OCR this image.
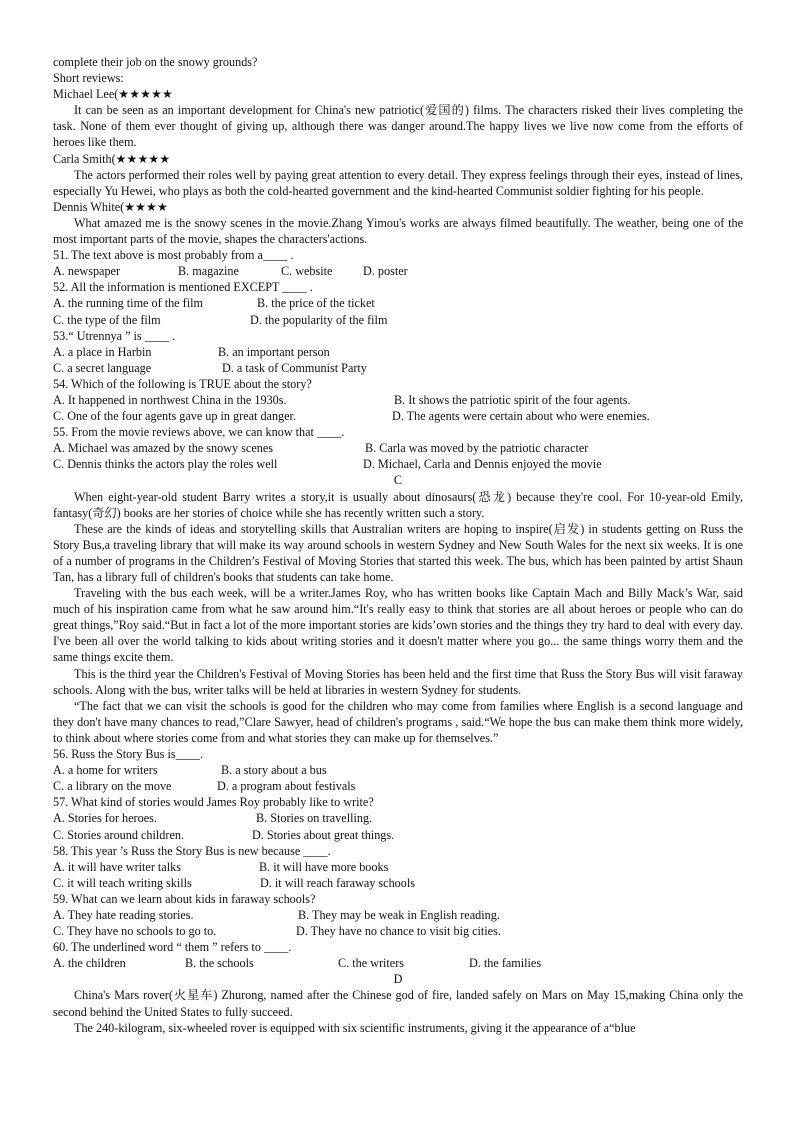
complete their job on the snowy grounds?
Short reviews:
Michael Lee(★★★★★
It can be seen as an important development for China's new patriotic(爱国的) films. The characters risked their lives completing the task. None of them ever thought of giving up, although there was danger around.The happy lives we live now come from the efforts of heroes like them.
Carla Smith(★★★★★
The actors performed their roles well by paying great attention to every detail. They express feelings through their eyes, instead of lines, especially Yu Hewei, who plays as both the cold-hearted government and the kind-hearted Communist soldier fighting for his people.
Dennis White(★★★★
What amazed me is the snowy scenes in the movie.Zhang Yimou's works are always filmed beautifully. The weather, being one of the most important parts of the movie, shapes the characters'actions.
51. The text above is most probably from a____ .
A. newspaper	B. magazine	C. website	D. poster
52. All the information is mentioned EXCEPT ____ .
A. the running time of the film	B. the price of the ticket
C. the type of the film	D. the popularity of the film
53.“ Utrennya ” is ____ .
A. a place in Harbin	B. an important person
C. a secret language	D. a task of Communist Party
54. Which of the following is TRUE about the story?
A. It happened in northwest China in the 1930s.	B. It shows the patriotic spirit of the four agents.
C. One of the four agents gave up in great danger.	D. The agents were certain about who were enemies.
55. From the movie reviews above, we can know that ____.
A. Michael was amazed by the snowy scenes	B. Carla was moved by the patriotic character
C. Dennis thinks the actors play the roles well	D. Michael, Carla and Dennis enjoyed the movie
C
When eight-year-old student Barry writes a story,it is usually about dinosaurs(恐龙) because they're cool. For 10-year-old Emily, fantasy(奇幻) books are her stories of choice while she has recently written such a story.
These are the kinds of ideas and storytelling skills that Australian writers are hoping to inspire(启发) in students getting on Russ the Story Bus,a traveling library that will make its way around schools in western Sydney and New South Wales for the next six weeks. It is one of a number of programs in the Children’s Festival of Moving Stories that started this week. The bus, which has been painted by artist Shaun Tan, has a library full of children's books that students can take home.
Traveling with the bus each week, will be a writer.James Roy, who has written books like Captain Mach and Billy Mack’s War, said much of his inspiration came from what he saw around him.“It's really easy to think that stories are all about heroes or people who can do great things,”Roy said.“But in fact a lot of the more important stories are kids’own stories and the things they try hard to deal with every day. I've been all over the world talking to kids about writing stories and it doesn't matter where you go... the same things worry them and the same things excite them.
This is the third year the Children's Festival of Moving Stories has been held and the first time that Russ the Story Bus will visit faraway schools. Along with the bus, writer talks will be held at libraries in western Sydney for students.
“The fact that we can visit the schools is good for the children who may come from families where English is a second language and they don't have many chances to read,”Clare Sawyer, head of children's programs , said.“We hope the bus can make them think more widely, to think about where stories come from and what stories they can make up for themselves.”
56. Russ the Story Bus is____.
A. a home for writers	B. a story about a bus
C. a library on the move	D. a program about festivals
57. What kind of stories would James Roy probably like to write?
A. Stories for heroes.	B. Stories on travelling.
C. Stories around children.	D. Stories about great things.
58. This year ’s Russ the Story Bus is new because ____.
A. it will have writer talks	B. it will have more books
C. it will teach writing skills	D. it will reach faraway schools
59. What can we learn about kids in faraway schools?
A. They hate reading stories.	B. They may be weak in English reading.
C. They have no schools to go to.	D. They have no chance to visit big cities.
60. The underlined word “ them ” refers to ____.
A. the children	B. the schools	C. the writers	D. the families
D
China's Mars rover(火星车) Zhurong, named after the Chinese god of fire, landed safely on Mars on May 15,making China only the second behind the United States to fully succeed.
The 240-kilogram, six-wheeled rover is equipped with six scientific instruments, giving it the appearance of a“blue
